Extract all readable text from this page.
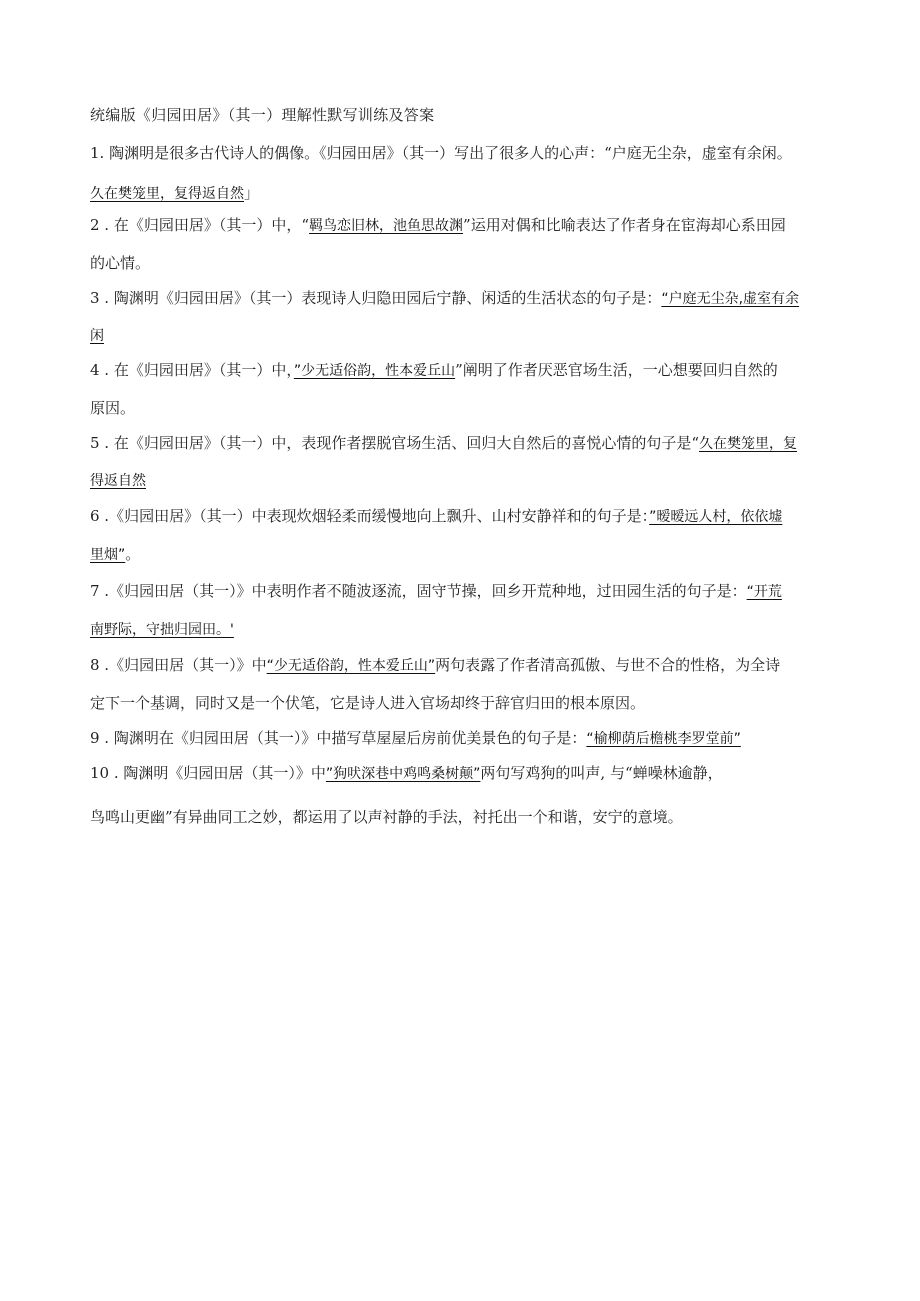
统编版《归园田居》（其一）理解性默写训练及答案
1. 陶渊明是很多古代诗人的偶像。《归园田居》（其一）写出了很多人的心声：“户庭无尘杂，虚室有余闲。
久在樊笼里，复得返自然」
2 . 在《归园田居》（其一）中，“羁鸟恋旧林，池鱼思故渊”运用对偶和比喻表达了作者身在宦海却心系田园
的心情。
3 . 陶渊明《归园田居》（其一）表现诗人归隐田园后宁静、闲适的生活状态的句子是：“户庭无尘杂,虚室有余
闲
4 . 在《归园田居》（其一）中，”少无适俗韵，性本爱丘山”阐明了作者厌恶官场生活，一心想要回归自然的
原因。
5 . 在《归园田居》（其一）中，表现作者摆脱官场生活、回归大自然后的喜悦心情的句子是“久在樊笼里，复
得返自然
6 .《归园田居》（其一）中表现炊烟轻柔而缓慢地向上飘升、山村安静祥和的句子是：”暧暧远人村，依依墟
里烟”。
7 .《归园田居（其一）》中表明作者不随波逐流，固守节操，回乡开荒种地，过田园生活的句子是：“开荒
南野际，守拙归园田。'
8 .《归园田居（其一）》中“少无适俗韵，性本爱丘山”两句表露了作者清高孤傲、与世不合的性格，为全诗
定下一个基调，同时又是一个伏笔，它是诗人进入官场却终于辞官归田的根本原因。
9 . 陶渊明在《归园田居（其一）》中描写草屋屋后房前优美景色的句子是：“榆柳荫后檐桃李罗堂前”
10 . 陶渊明《归园田居（其一）》中”狗吠深巷中鸡鸣桑树颠”两句写鸡狗的叫声, 与“蝉噪林逾静，
鸟鸣山更幽”有异曲同工之妙，都运用了以声衬静的手法，衬托出一个和谐，安宁的意境。
